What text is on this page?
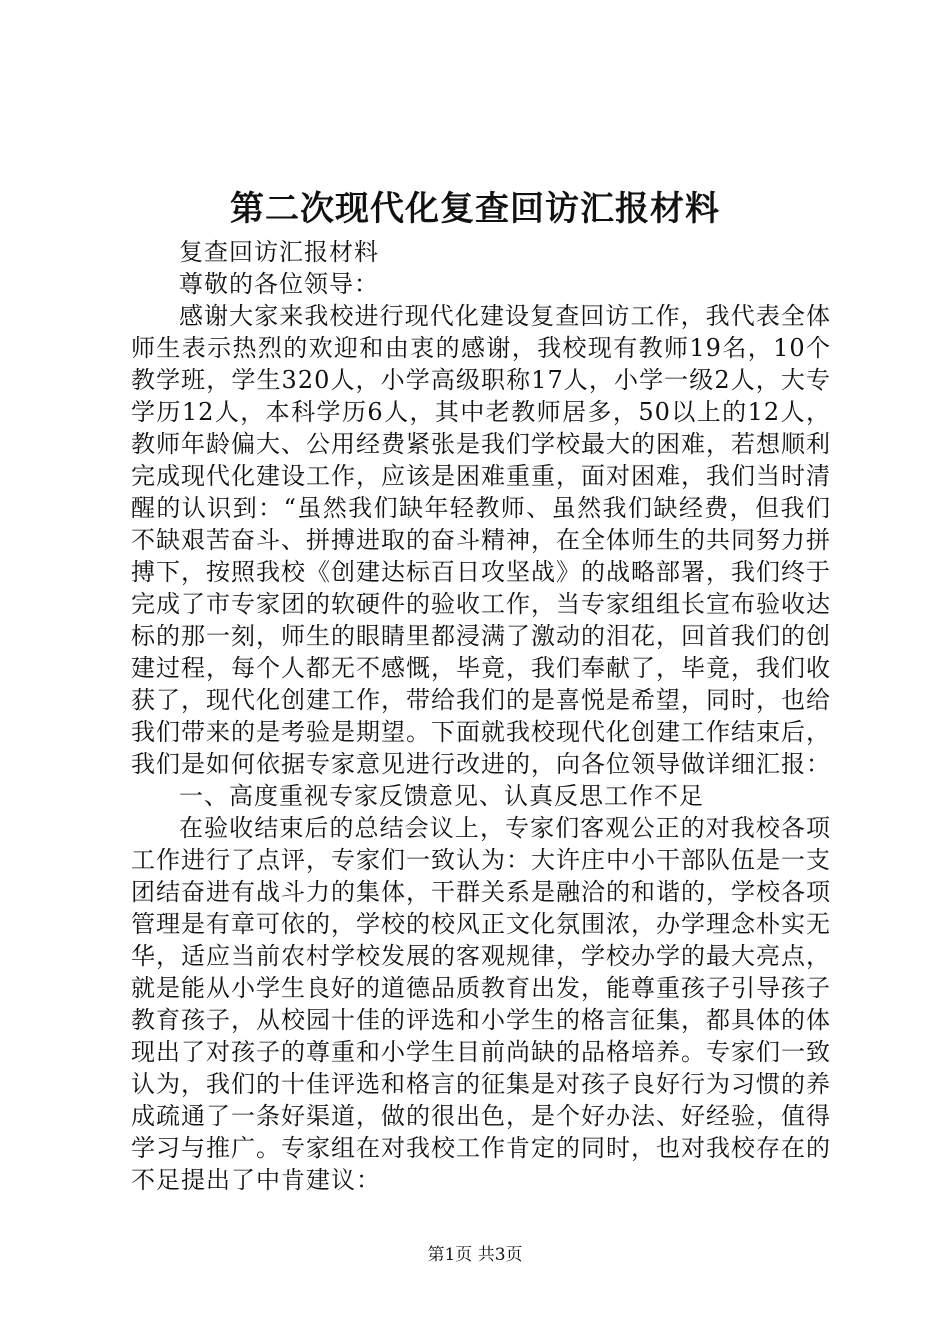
第二次现代化复查回访汇报材料

复查回访汇报材料

尊敬的各位领导：

感谢大家来我校进行现代化建设复查回访工作，我代表全体师生表示热烈的欢迎和由衷的感谢，我校现有教师19名，10个教学班，学生320人，小学高级职称17人，小学一级2人，大专学历12人，本科学历6人，其中老教师居多，50以上的12人，教师年龄偏大、公用经费紧张是我们学校最大的困难，若想顺利完成现代化建设工作，应该是困难重重，面对困难，我们当时清醒的认识到：“虽然我们缺年轻教师、虽然我们缺经费，但我们不缺艰苦奋斗、拼搏进取的奋斗精神，在全体师生的共同努力拼搏下，按照我校《创建达标百日攻坚战》的战略部署，我们终于完成了市专家团的软硬件的验收工作，当专家组组长宣布验收达标的那一刻，师生的眼睛里都浸满了激动的泪花，回首我们的创建过程，每个人都无不感慨，毕竟，我们奉献了，毕竟，我们收获了，现代化创建工作，带给我们的是喜悦是希望，同时，也给我们带来的是考验是期望。下面就我校现代化创建工作结束后，我们是如何依据专家意见进行改进的，向各位领导做详细汇报：

一、高度重视专家反馈意见、认真反思工作不足

在验收结束后的总结会议上，专家们客观公正的对我校各项工作进行了点评，专家们一致认为：大许庄中小干部队伍是一支团结奋进有战斗力的集体，干群关系是融洽的和谐的，学校各项管理是有章可依的，学校的校风正文化氛围浓，办学理念朴实无华，适应当前农村学校发展的客观规律，学校办学的最大亮点，就是能从小学生良好的道德品质教育出发，能尊重孩子引导孩子教育孩子，从校园十佳的评选和小学生的格言征集，都具体的体现出了对孩子的尊重和小学生目前尚缺的品格培养。专家们一致认为，我们的十佳评选和格言的征集是对孩子良好行为习惯的养成疏通了一条好渠道，做的很出色，是个好办法、好经验，值得学习与推广。专家组在对我校工作肯定的同时，也对我校存在的不足提出了中肯建议：

第1页 共3页
